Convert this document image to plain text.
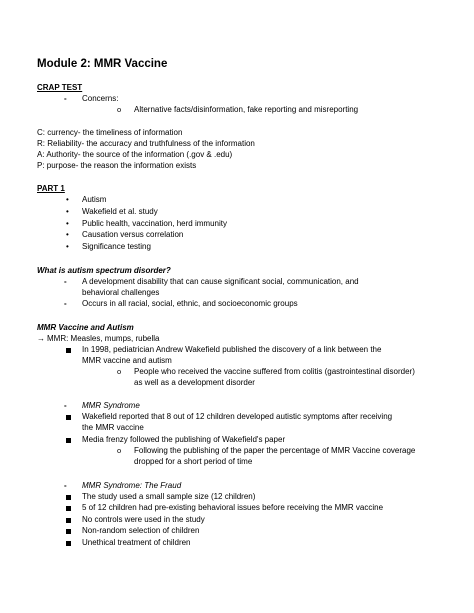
Module 2: MMR Vaccine
CRAP TEST
- Concerns:
o Alternative facts/disinformation, fake reporting and misreporting
C: currency- the timeliness of information
R: Reliability- the accuracy and truthfulness of the information
A: Authority- the source of the information (.gov & .edu)
P: purpose- the reason the information exists
PART 1
• Autism
• Wakefield et al. study
• Public health, vaccination, herd immunity
• Causation versus correlation
• Significance testing
What is autism spectrum disorder?
- A development disability that can cause significant social, communication, and
behavioral challenges
- Occurs in all racial, social, ethnic, and socioeconomic groups
MMR Vaccine and Autism
→ MMR: Measles, mumps, rubella
In 1998, pediatrician Andrew Wakefield published the discovery of a link between the
MMR vaccine and autism
o People who received the vaccine suffered from colitis (gastrointestinal disorder)
as well as a development disorder
- MMR Syndrome
Wakefield reported that 8 out of 12 children developed autistic symptoms after receiving
the MMR vaccine
Media frenzy followed the publishing of Wakefield's paper
o Following the publishing of the paper the percentage of MMR Vaccine coverage
dropped for a short period of time
- MMR Syndrome: The Fraud
The study used a small sample size (12 children)
5 of 12 children had pre-existing behavioral issues before receiving the MMR vaccine
No controls were used in the study
Non-random selection of children
Unethical treatment of children
